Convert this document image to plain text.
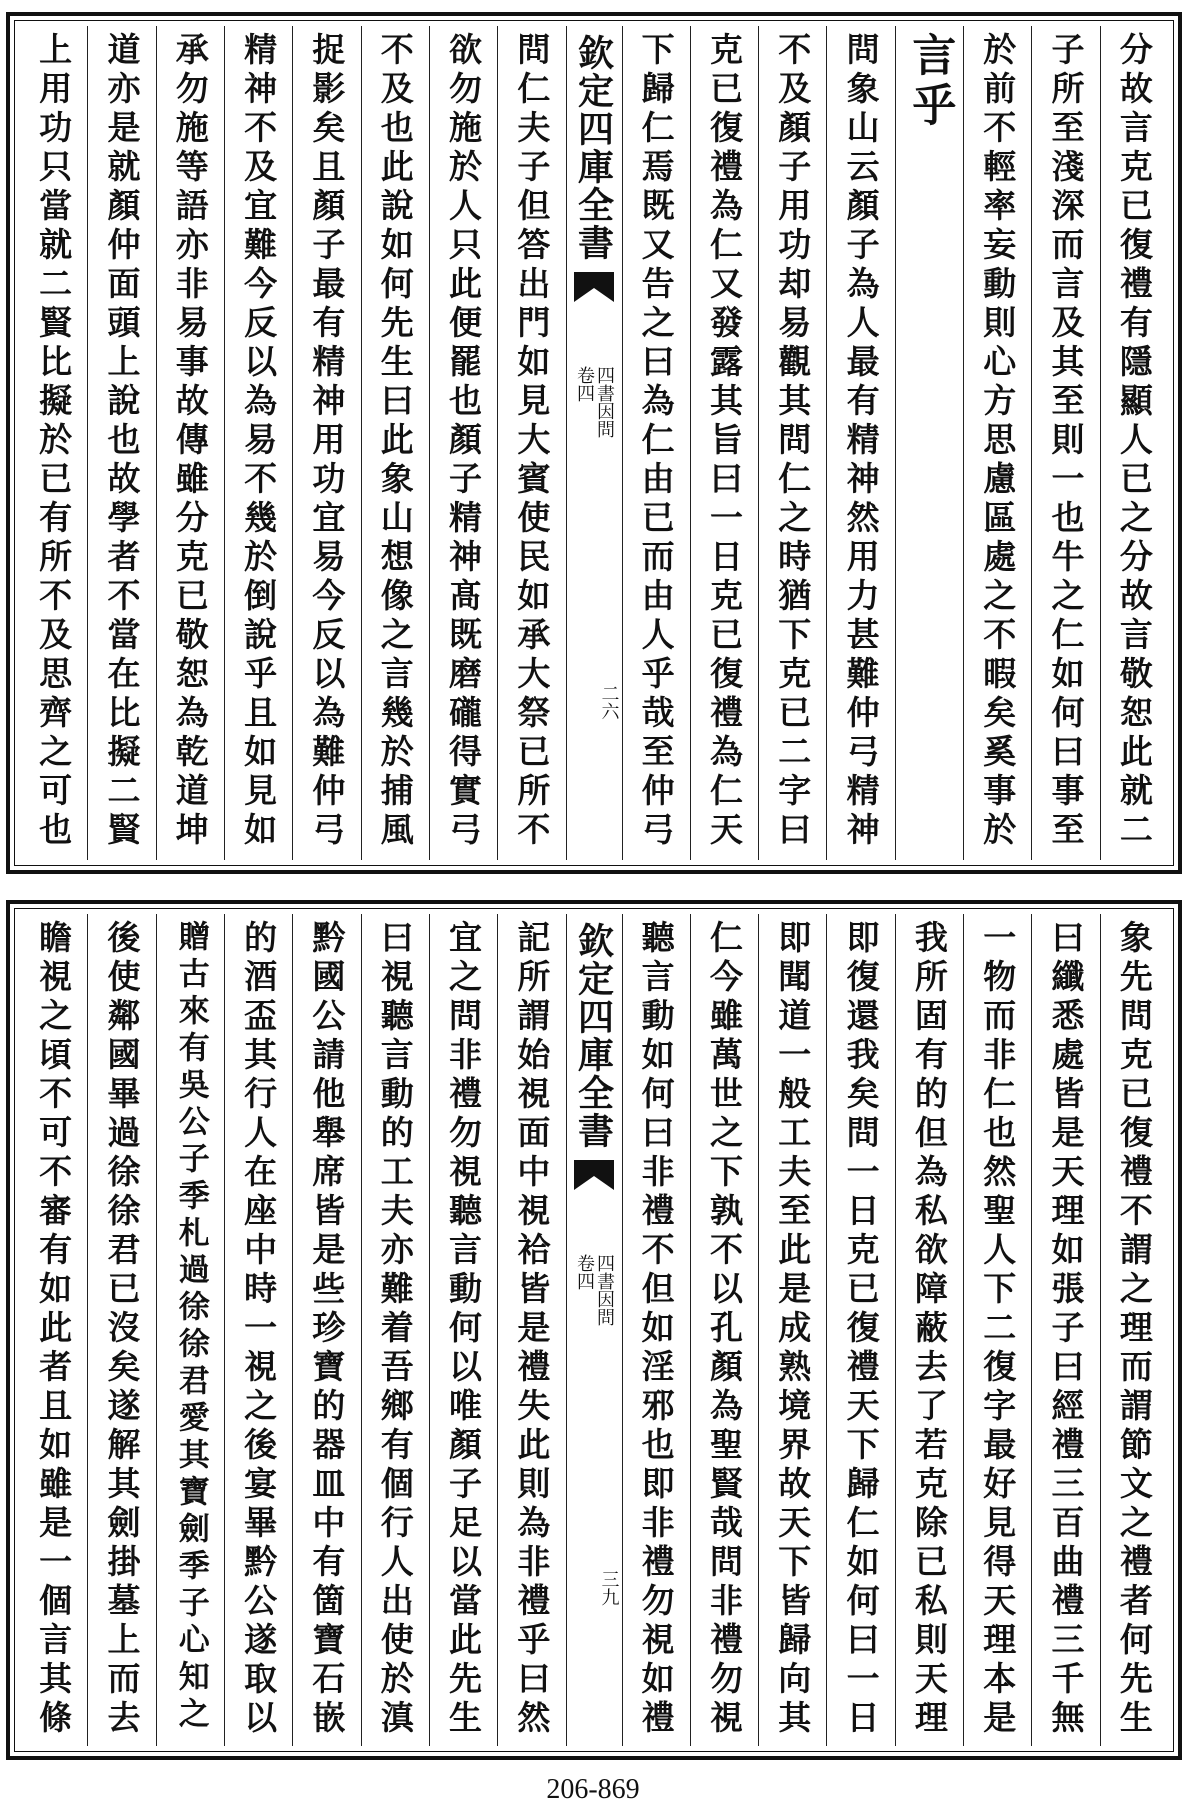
分故言克已復禮有隱顯人已之分故言敬恕此就二
子所至淺深而言及其至則一也牛之仁如何曰事至
於前不輕率妄動則心方思慮區處之不暇矣奚事於
言乎
問象山云顏子為人最有精神然用力甚難仲弓精神
不及顏子用功却易觀其問仁之時猶下克已二字曰
克已復禮為仁又發露其旨曰一日克已復禮為仁天
下歸仁焉既又告之曰為仁由已而由人乎哉至仲弓
欽定四庫全書
四書因問
卷四
二六
問仁夫子但答出門如見大賓使民如承大祭已所不
欲勿施於人只此便罷也顏子精神髙既磨礲得實弓
不及也此說如何先生曰此象山想像之言幾於捕風
捉影矣且顏子最有精神用功宜易今反以為難仲弓
精神不及宜難今反以為易不幾於倒說乎且如見如
承勿施等語亦非易事故傳雖分克已敬恕為乾道坤
道亦是就顏仲面頭上說也故學者不當在比擬二賢
上用功只當就二賢比擬於已有所不及思齊之可也
象先問克已復禮不謂之理而謂節文之禮者何先生
曰纖悉處皆是天理如張子曰經禮三百曲禮三千無
一物而非仁也然聖人下二復字最好見得天理本是
我所固有的但為私欲障蔽去了若克除已私則天理
即復還我矣問一日克已復禮天下歸仁如何曰一日
即聞道一般工夫至此是成熟境界故天下皆歸向其
仁今雖萬世之下孰不以孔顏為聖賢哉問非禮勿視
聽言動如何曰非禮不但如淫邪也即非禮勿視如禮
欽定四庫全書
四書因問
卷四
三九
記所謂始視面中視袷皆是禮失此則為非禮乎曰然
宜之問非禮勿視聽言動何以唯顏子足以當此先生
曰視聽言動的工夫亦難着吾鄉有個行人出使於滇
黔國公請他舉席皆是些珍寶的器皿中有箇寶石嵌
的酒盃其行人在座中時一視之後宴畢黔公遂取以
贈古來有吳公子季札過徐徐君愛其寶劍季子心知之
後使鄰國畢過徐徐君已沒矣遂解其劍掛墓上而去
瞻視之頃不可不審有如此者且如雖是一個言其條
206-869
